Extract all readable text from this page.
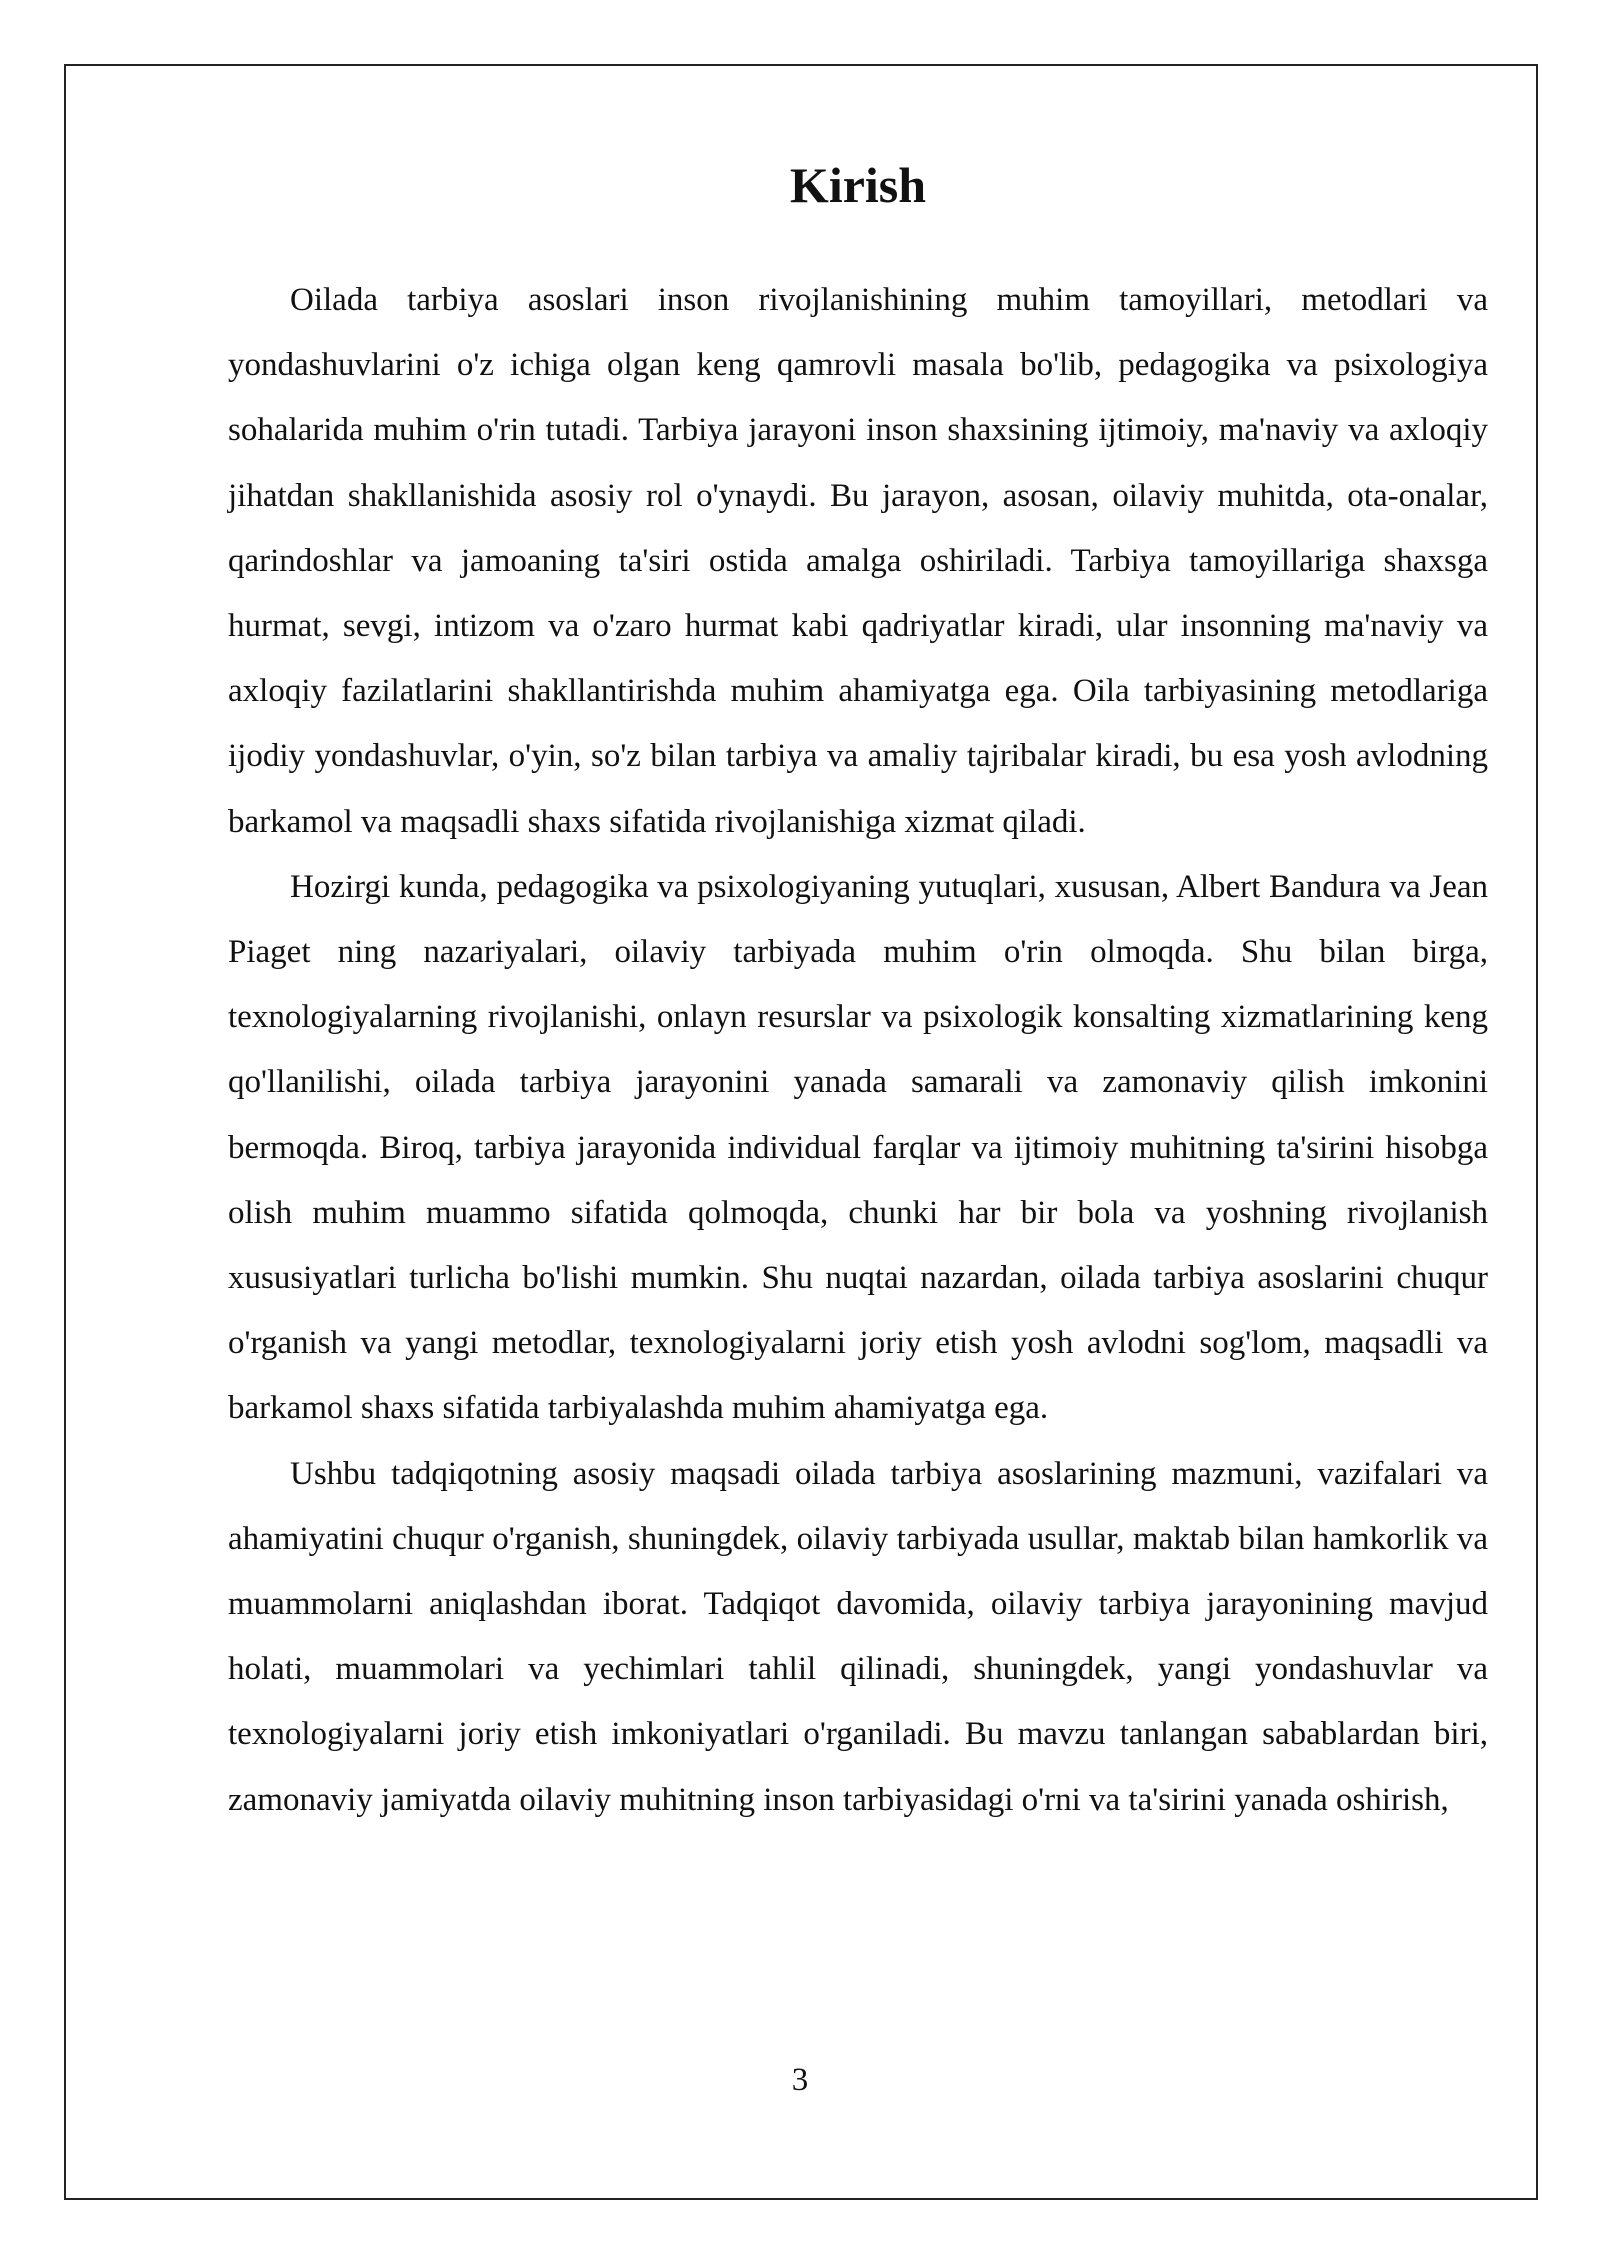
Kirish

Oilada tarbiya asoslari inson rivojlanishining muhim tamoyillari, metodlari va yondashuvlarini o'z ichiga olgan keng qamrovli masala bo'lib, pedagogika va psixologiya sohalarida muhim o'rin tutadi. Tarbiya jarayoni inson shaxsining ijtimoiy, ma'naviy va axloqiy jihatdan shakllanishida asosiy rol o'ynaydi. Bu jarayon, asosan, oilaviy muhitda, ota-onalar, qarindoshlar va jamoaning ta'siri ostida amalga oshiriladi. Tarbiya tamoyillariga shaxsga hurmat, sevgi, intizom va o'zaro hurmat kabi qadriyatlar kiradi, ular insonning ma'naviy va axloqiy fazilatlarini shakllantirishda muhim ahamiyatga ega. Oila tarbiyasining metodlariga ijodiy yondashuvlar, o'yin, so'z bilan tarbiya va amaliy tajribalar kiradi, bu esa yosh avlodning barkamol va maqsadli shaxs sifatida rivojlanishiga xizmat qiladi.

Hozirgi kunda, pedagogika va psixologiyaning yutuqlari, xususan, Albert Bandura va Jean Piaget ning nazariyalari, oilaviy tarbiyada muhim o'rin olmoqda. Shu bilan birga, texnologiyalarning rivojlanishi, onlayn resurslar va psixologik konsalting xizmatlarining keng qo'llanilishi, oilada tarbiya jarayonini yanada samarali va zamonaviy qilish imkonini bermoqda. Biroq, tarbiya jarayonida individual farqlar va ijtimoiy muhitning ta'sirini hisobga olish muhim muammo sifatida qolmoqda, chunki har bir bola va yoshning rivojlanish xususiyatlari turlicha bo'lishi mumkin. Shu nuqtai nazardan, oilada tarbiya asoslarini chuqur o'rganish va yangi metodlar, texnologiyalarni joriy etish yosh avlodni sog'lom, maqsadli va barkamol shaxs sifatida tarbiyalashda muhim ahamiyatga ega.

Ushbu tadqiqotning asosiy maqsadi oilada tarbiya asoslarining mazmuni, vazifalari va ahamiyatini chuqur o'rganish, shuningdek, oilaviy tarbiyada usullar, maktab bilan hamkorlik va muammolarni aniqlashdan iborat. Tadqiqot davomida, oilaviy tarbiya jarayonining mavjud holati, muammolari va yechimlari tahlil qilinadi, shuningdek, yangi yondashuvlar va texnologiyalarni joriy etish imkoniyatlari o'rganiladi. Bu mavzu tanlangan sabablardan biri, zamonaviy jamiyatda oilaviy muhitning inson tarbiyasidagi o'rni va ta'sirini yanada oshirish,

3
